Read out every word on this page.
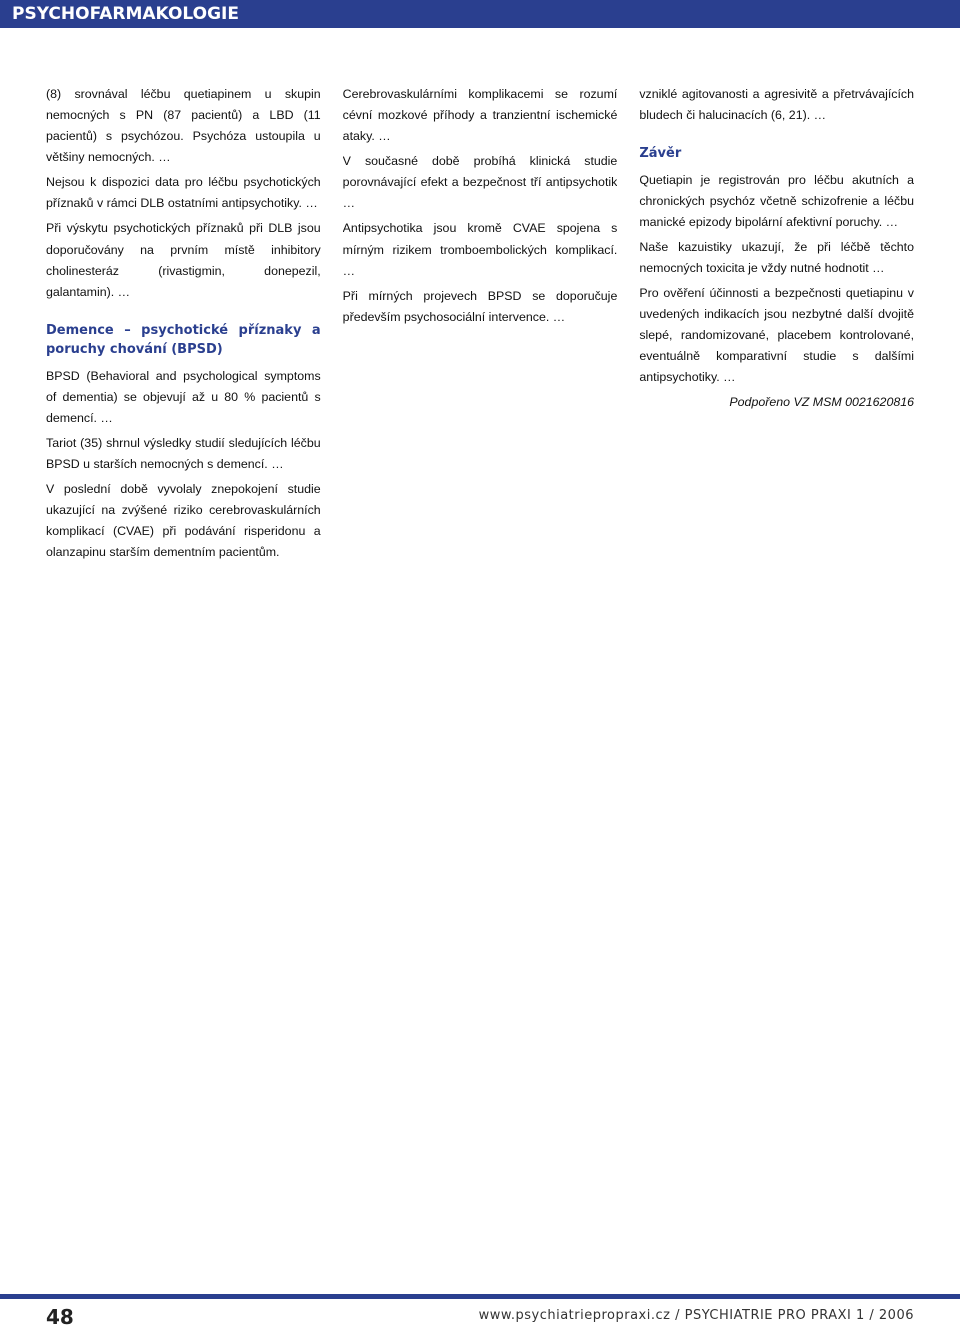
PSYCHOFARMAKOLOGIE

(8) srovnával léčbu quetiapinem u skupin nemocných s PN (87 pacientů) a LBD (11 pacientů) s psychózou. Psychóza ustoupila u většiny nemocných. …

Nejsou k dispozici data pro léčbu psychotických příznaků v rámci DLB ostatními antipsychotiky. …

Při výskytu psychotických příznaků při DLB jsou doporučovány na prvním místě inhibitory cholinesteráz (rivastigmin, donepezil, galantamin). …

Demence – psychotické příznaky a poruchy chování (BPSD)

BPSD (Behavioral and psychological symptoms of dementia) se objevují až u 80 % pacientů s demencí. …

Tariot (35) shrnul výsledky studií sledujících léčbu BPSD u starších nemocných s demencí. …

V poslední době vyvolaly znepokojení studie ukazující na zvýšené riziko cerebrovaskulárních komplikací (CVAE) při podávání risperidonu a olanzapinu starším dementním pacientům.

Cerebrovaskulárními komplikacemi se rozumí cévní mozkové příhody a tranzientní ischemické ataky. …

V současné době probíhá klinická studie porovnávající efekt a bezpečnost tří antipsychotik …

Antipsychotika jsou kromě CVAE spojena s mírným rizikem tromboembolických komplikací. …

Při mírných projevech BPSD se doporučuje především psychosociální intervence. …

vzniklé agitovanosti a agresivitě a přetrvávajících bludech či halucinacích (6, 21). …

Závěr

Quetiapin je registrován pro léčbu akutních a chronických psychóz včetně schizofrenie a léčbu manické epizody bipolární afektivní poruchy. …

Naše kazuistiky ukazují, že při léčbě těchto nemocných toxicita je vždy nutné hodnotit …

Pro ověření účinnosti a bezpečnosti quetiapinu v uvedených indikacích jsou nezbytné další dvojitě slepé, randomizované, placebem kontrolované, eventuálně komparativní studie s dalšími antipsychotiky. …

Podpořeno VZ MSM 0021620816

48	www.psychiatriepropraxi.cz / PSYCHIATRIE PRO PRAXI 1 / 2006
